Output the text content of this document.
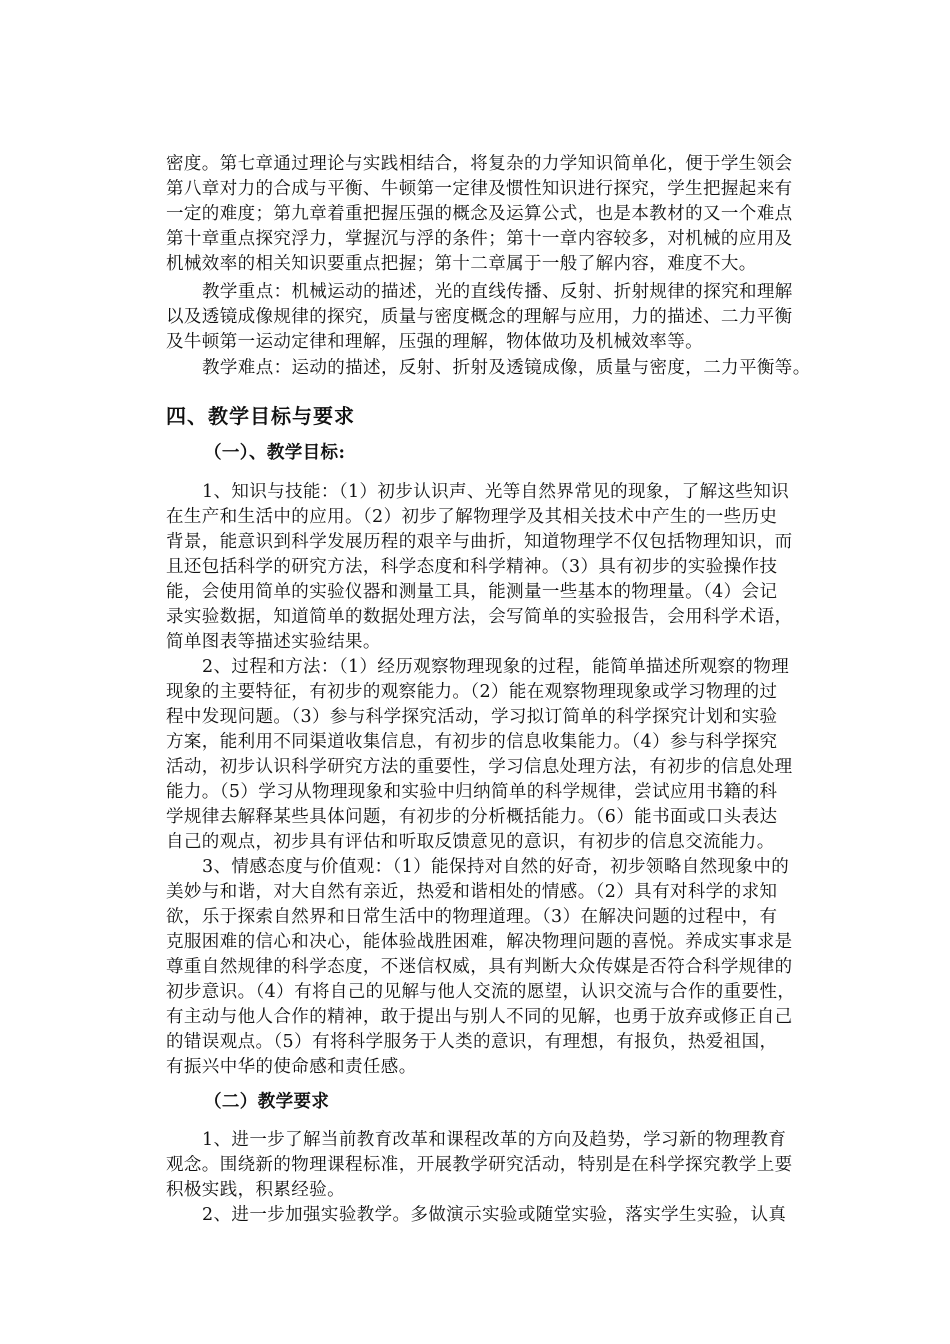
密度。第七章通过理论与实践相结合，将复杂的力学知识简单化，便于学生领会
第八章对力的合成与平衡、牛顿第一定律及惯性知识进行探究，学生把握起来有
一定的难度；第九章着重把握压强的概念及运算公式，也是本教材的又一个难点
第十章重点探究浮力，掌握沉与浮的条件；第十一章内容较多，对机械的应用及
机械效率的相关知识要重点把握；第十二章属于一般了解内容，难度不大。
教学重点：机械运动的描述，光的直线传播、反射、折射规律的探究和理解
以及透镜成像规律的探究，质量与密度概念的理解与应用，力的描述、二力平衡
及牛顿第一运动定律和理解，压强的理解，物体做功及机械效率等。
教学难点：运动的描述，反射、折射及透镜成像，质量与密度，二力平衡等。
四、教学目标与要求
（一）、教学目标:
1、知识与技能：（1）初步认识声、光等自然界常见的现象，了解这些知识
在生产和生活中的应用。（2）初步了解物理学及其相关技术中产生的一些历史
背景，能意识到科学发展历程的艰辛与曲折，知道物理学不仅包括物理知识，而
且还包括科学的研究方法，科学态度和科学精神。（3）具有初步的实验操作技
能，会使用简单的实验仪器和测量工具，能测量一些基本的物理量。（4）会记
录实验数据，知道简单的数据处理方法，会写简单的实验报告，会用科学术语，
简单图表等描述实验结果。
2、过程和方法：（1）经历观察物理现象的过程，能简单描述所观察的物理
现象的主要特征，有初步的观察能力。（2）能在观察物理现象或学习物理的过
程中发现问题。（3）参与科学探究活动，学习拟订简单的科学探究计划和实验
方案，能利用不同渠道收集信息，有初步的信息收集能力。（4）参与科学探究
活动，初步认识科学研究方法的重要性，学习信息处理方法，有初步的信息处理
能力。（5）学习从物理现象和实验中归纳简单的科学规律，尝试应用书籍的科
学规律去解释某些具体问题，有初步的分析概括能力。（6）能书面或口头表达
自己的观点，初步具有评估和听取反馈意见的意识，有初步的信息交流能力。
3、情感态度与价值观：（1）能保持对自然的好奇，初步领略自然现象中的
美妙与和谐，对大自然有亲近，热爱和谐相处的情感。（2）具有对科学的求知
欲，乐于探索自然界和日常生活中的物理道理。（3）在解决问题的过程中，有
克服困难的信心和决心，能体验战胜困难，解决物理问题的喜悦。养成实事求是
尊重自然规律的科学态度，不迷信权威，具有判断大众传媒是否符合科学规律的
初步意识。（4）有将自己的见解与他人交流的愿望，认识交流与合作的重要性，
有主动与他人合作的精神，敢于提出与别人不同的见解，也勇于放弃或修正自己
的错误观点。（5）有将科学服务于人类的意识，有理想，有报负，热爱祖国，
有振兴中华的使命感和责任感。
（二）教学要求
1、进一步了解当前教育改革和课程改革的方向及趋势，学习新的物理教育
观念。围绕新的物理课程标准，开展教学研究活动，特别是在科学探究教学上要
积极实践，积累经验。
2、进一步加强实验教学。多做演示实验或随堂实验，落实学生实验，认真
